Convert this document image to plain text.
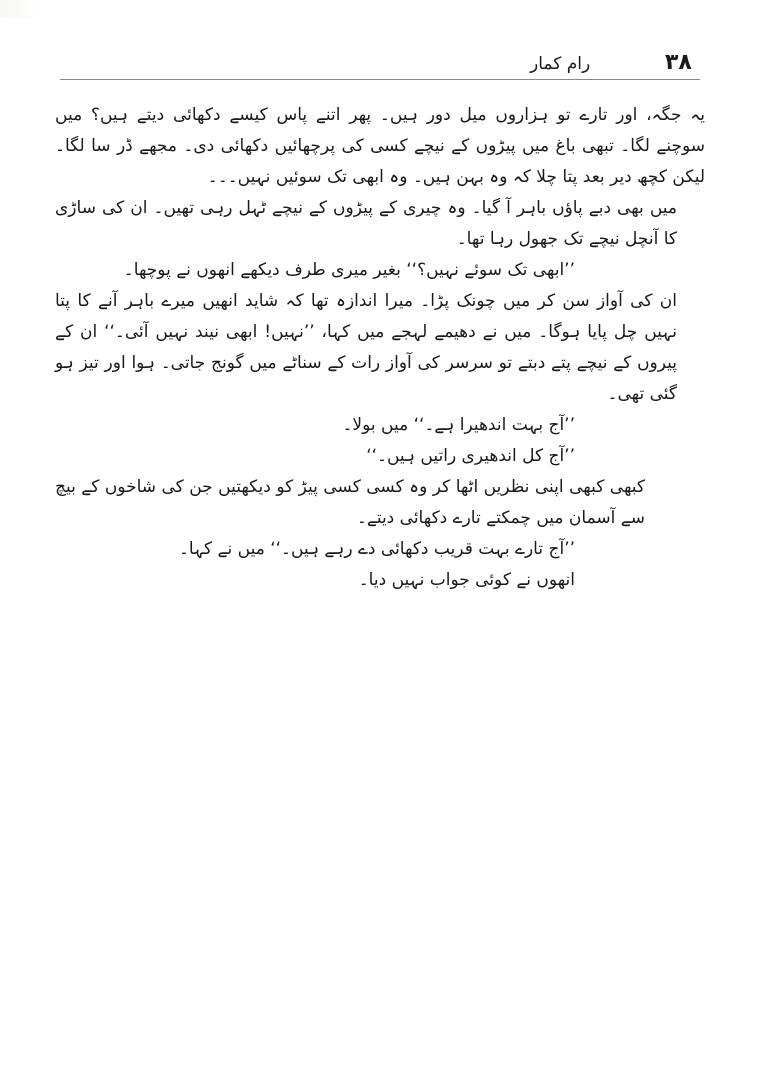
۳۸
رام کمار

یہ جگہ، اور تارے تو ہزاروں میل دور ہیں۔ پھر اتنے پاس کیسے دکھائی دیتے ہیں؟ میں سوچنے لگا۔ تبھی باغ میں پیڑوں کے نیچے کسی کی پرچھائیں دکھائی دی۔ مجھے ڈر سا لگا۔ لیکن کچھ دیر بعد پتا چلا کہ وہ بہن ہیں۔ وہ ابھی تک سوئیں نہیں۔۔۔

میں بھی دبے پاؤں باہر آ گیا۔ وہ چیری کے پیڑوں کے نیچے ٹہل رہی تھیں۔ ان کی ساڑی کا آنچل نیچے تک جھول رہا تھا۔

’’ابھی تک سوئے نہیں؟‘‘ بغیر میری طرف دیکھے انھوں نے پوچھا۔

ان کی آواز سن کر میں چونک پڑا۔ میرا اندازہ تھا کہ شاید انھیں میرے باہر آنے کا پتا نہیں چل پایا ہوگا۔ میں نے دھیمے لہجے میں کہا، ’’نہیں! ابھی نیند نہیں آئی۔‘‘ ان کے پیروں کے نیچے پتے دبتے تو سرسر کی آواز رات کے سناٹے میں گونج جاتی۔ ہوا اور تیز ہو گئی تھی۔

’’آج بہت اندھیرا ہے۔‘‘ میں بولا۔

’’آج کل اندھیری راتیں ہیں۔‘‘

کبھی کبھی اپنی نظریں اٹھا کر وہ کسی کسی پیڑ کو دیکھتیں جن کی شاخوں کے بیچ سے آسمان میں چمکتے تارے دکھائی دیتے۔

’’آج تارے بہت قریب دکھائی دے رہے ہیں۔‘‘ میں نے کہا۔

انھوں نے کوئی جواب نہیں دیا۔
